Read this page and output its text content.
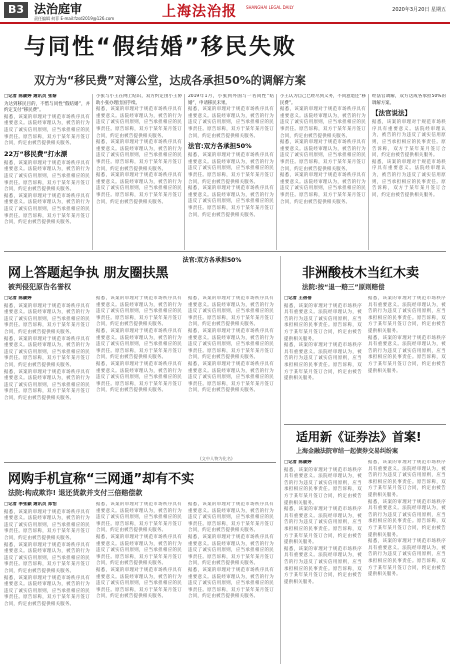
B3 法治庭审
责任编辑 何菲 E-mail:fzsd2019@126.com	上海法治报 SHANGHAI LEGAL DAILY	2020年3月20日 星期五
与同性“假结婚”移民失败
双方为“移民费”对簿公堂，达成各承担50%的调解方案
□记者 陈颖婷 通讯员 张黎
为达到移民目的，不惜与同性“假结婚”，并约定支付“移民费”。
据悉，该案的审理对于规范市场秩序具有重要意义。法院经审理认为，被告的行为违反了诚实信用原则，应当承担相应的民事责任。原告诉称，双方于某年某月签订合同，约定由被告提供相关服务。
22万“移民费”打水漂
据悉，该案的审理对于规范市场秩序具有重要意义。法院经审理认为，被告的行为违反了诚实信用原则，应当承担相应的民事责任。原告诉称，双方于某年某月签订合同，约定由被告提供相关服务。
据悉，该案的审理对于规范市场秩序具有重要意义。法院经审理认为，被告的行为违反了诚实信用原则，应当承担相应的民事责任。原告诉称，双方于某年某月签订合同，约定由被告提供相关服务。
小张与小王在网上结识，双方约定由小王协助小张办理出国手续。
据悉，该案的审理对于规范市场秩序具有重要意义。法院经审理认为，被告的行为违反了诚实信用原则，应当承担相应的民事责任。原告诉称，双方于某年某月签订合同，约定由被告提供相关服务。
据悉，该案的审理对于规范市场秩序具有重要意义。法院经审理认为，被告的行为违反了诚实信用原则，应当承担相应的民事责任。原告诉称，双方于某年某月签订合同，约定由被告提供相关服务。
据悉，该案的审理对于规范市场秩序具有重要意义。法院经审理认为，被告的行为违反了诚实信用原则，应当承担相应的民事责任。原告诉称，双方于某年某月签订合同，约定由被告提供相关服务。
2019年1月，小张到外国与一名同性“结婚”，申请移民未果。
据悉，该案的审理对于规范市场秩序具有重要意义。法院经审理认为，被告的行为违反了诚实信用原则，应当承担相应的民事责任。原告诉称，双方于某年某月签订合同，约定由被告提供相关服务。
法官:双方各承担50%
据悉，该案的审理对于规范市场秩序具有重要意义。法院经审理认为，被告的行为违反了诚实信用原则，应当承担相应的民事责任。原告诉称，双方于某年某月签订合同，约定由被告提供相关服务。
据悉，该案的审理对于规范市场秩序具有重要意义。法院经审理认为，被告的行为违反了诚实信用原则，应当承担相应的民事责任。原告诉称，双方于某年某月签订合同，约定由被告提供相关服务。
小王认为自己已经尽到义务，不同意退还“移民费”。
据悉，该案的审理对于规范市场秩序具有重要意义。法院经审理认为，被告的行为违反了诚实信用原则，应当承担相应的民事责任。原告诉称，双方于某年某月签订合同，约定由被告提供相关服务。
据悉，该案的审理对于规范市场秩序具有重要意义。法院经审理认为，被告的行为违反了诚实信用原则，应当承担相应的民事责任。原告诉称，双方于某年某月签订合同，约定由被告提供相关服务。
据悉，该案的审理对于规范市场秩序具有重要意义。法院经审理认为，被告的行为违反了诚实信用原则，应当承担相应的民事责任。原告诉称，双方于某年某月签订合同，约定由被告提供相关服务。
经法官调解，双方达成各承担50%的调解方案。
【法官说法】
据悉，该案的审理对于规范市场秩序具有重要意义。法院经审理认为，被告的行为违反了诚实信用原则，应当承担相应的民事责任。原告诉称，双方于某年某月签订合同，约定由被告提供相关服务。
据悉，该案的审理对于规范市场秩序具有重要意义。法院经审理认为，被告的行为违反了诚实信用原则，应当承担相应的民事责任。原告诉称，双方于某年某月签订合同，约定由被告提供相关服务。
网上答题起争执 朋友圈扶黑
被判侵犯原告名誉权
□记者 陈颖婷
据悉，该案的审理对于规范市场秩序具有重要意义。法院经审理认为，被告的行为违反了诚实信用原则，应当承担相应的民事责任。原告诉称，双方于某年某月签订合同，约定由被告提供相关服务。
据悉，该案的审理对于规范市场秩序具有重要意义。法院经审理认为，被告的行为违反了诚实信用原则，应当承担相应的民事责任。原告诉称，双方于某年某月签订合同，约定由被告提供相关服务。
据悉，该案的审理对于规范市场秩序具有重要意义。法院经审理认为，被告的行为违反了诚实信用原则，应当承担相应的民事责任。原告诉称，双方于某年某月签订合同，约定由被告提供相关服务。
据悉，该案的审理对于规范市场秩序具有重要意义。法院经审理认为，被告的行为违反了诚实信用原则，应当承担相应的民事责任。原告诉称，双方于某年某月签订合同，约定由被告提供相关服务。
据悉，该案的审理对于规范市场秩序具有重要意义。法院经审理认为，被告的行为违反了诚实信用原则，应当承担相应的民事责任。原告诉称，双方于某年某月签订合同，约定由被告提供相关服务。
据悉，该案的审理对于规范市场秩序具有重要意义。法院经审理认为，被告的行为违反了诚实信用原则，应当承担相应的民事责任。原告诉称，双方于某年某月签订合同，约定由被告提供相关服务。
据悉，该案的审理对于规范市场秩序具有重要意义。法院经审理认为，被告的行为违反了诚实信用原则，应当承担相应的民事责任。原告诉称，双方于某年某月签订合同，约定由被告提供相关服务。
据悉，该案的审理对于规范市场秩序具有重要意义。法院经审理认为，被告的行为违反了诚实信用原则，应当承担相应的民事责任。原告诉称，双方于某年某月签订合同，约定由被告提供相关服务。
据悉，该案的审理对于规范市场秩序具有重要意义。法院经审理认为，被告的行为违反了诚实信用原则，应当承担相应的民事责任。原告诉称，双方于某年某月签订合同，约定由被告提供相关服务。
(文中人物为化名)
法官:双方各承担50%
非洲酸枝木当红木卖
法院:按“退一赔三”原则赔偿
□记者 王蓓蓓
据悉，该案的审理对于规范市场秩序具有重要意义。法院经审理认为，被告的行为违反了诚实信用原则，应当承担相应的民事责任。原告诉称，双方于某年某月签订合同，约定由被告提供相关服务。
据悉，该案的审理对于规范市场秩序具有重要意义。法院经审理认为，被告的行为违反了诚实信用原则，应当承担相应的民事责任。原告诉称，双方于某年某月签订合同，约定由被告提供相关服务。
据悉，该案的审理对于规范市场秩序具有重要意义。法院经审理认为，被告的行为违反了诚实信用原则，应当承担相应的民事责任。原告诉称，双方于某年某月签订合同，约定由被告提供相关服务。
据悉，该案的审理对于规范市场秩序具有重要意义。法院经审理认为，被告的行为违反了诚实信用原则，应当承担相应的民事责任。原告诉称，双方于某年某月签订合同，约定由被告提供相关服务。
适用新《证券法》首案!
上海金融法院审结一起债券交易纠纷案
□记者 陈颖婷
据悉，该案的审理对于规范市场秩序具有重要意义。法院经审理认为，被告的行为违反了诚实信用原则，应当承担相应的民事责任。原告诉称，双方于某年某月签订合同，约定由被告提供相关服务。
据悉，该案的审理对于规范市场秩序具有重要意义。法院经审理认为，被告的行为违反了诚实信用原则，应当承担相应的民事责任。原告诉称，双方于某年某月签订合同，约定由被告提供相关服务。
据悉，该案的审理对于规范市场秩序具有重要意义。法院经审理认为，被告的行为违反了诚实信用原则，应当承担相应的民事责任。原告诉称，双方于某年某月签订合同，约定由被告提供相关服务。
据悉，该案的审理对于规范市场秩序具有重要意义。法院经审理认为，被告的行为违反了诚实信用原则，应当承担相应的民事责任。原告诉称，双方于某年某月签订合同，约定由被告提供相关服务。
据悉，该案的审理对于规范市场秩序具有重要意义。法院经审理认为，被告的行为违反了诚实信用原则，应当承担相应的民事责任。原告诉称，双方于某年某月签订合同，约定由被告提供相关服务。
据悉，该案的审理对于规范市场秩序具有重要意义。法院经审理认为，被告的行为违反了诚实信用原则，应当承担相应的民事责任。原告诉称，双方于某年某月签订合同，约定由被告提供相关服务。
网购手机宣称“三网通”却有不实
法院:构成欺诈! 退还货款并支付三倍赔偿款
□记者 季张颖 通讯员 郑怡
据悉，该案的审理对于规范市场秩序具有重要意义。法院经审理认为，被告的行为违反了诚实信用原则，应当承担相应的民事责任。原告诉称，双方于某年某月签订合同，约定由被告提供相关服务。
据悉，该案的审理对于规范市场秩序具有重要意义。法院经审理认为，被告的行为违反了诚实信用原则，应当承担相应的民事责任。原告诉称，双方于某年某月签订合同，约定由被告提供相关服务。
据悉，该案的审理对于规范市场秩序具有重要意义。法院经审理认为，被告的行为违反了诚实信用原则，应当承担相应的民事责任。原告诉称，双方于某年某月签订合同，约定由被告提供相关服务。
据悉，该案的审理对于规范市场秩序具有重要意义。法院经审理认为，被告的行为违反了诚实信用原则，应当承担相应的民事责任。原告诉称，双方于某年某月签订合同，约定由被告提供相关服务。
据悉，该案的审理对于规范市场秩序具有重要意义。法院经审理认为，被告的行为违反了诚实信用原则，应当承担相应的民事责任。原告诉称，双方于某年某月签订合同，约定由被告提供相关服务。
据悉，该案的审理对于规范市场秩序具有重要意义。法院经审理认为，被告的行为违反了诚实信用原则，应当承担相应的民事责任。原告诉称，双方于某年某月签订合同，约定由被告提供相关服务。
据悉，该案的审理对于规范市场秩序具有重要意义。法院经审理认为，被告的行为违反了诚实信用原则，应当承担相应的民事责任。原告诉称，双方于某年某月签订合同，约定由被告提供相关服务。
据悉，该案的审理对于规范市场秩序具有重要意义。法院经审理认为，被告的行为违反了诚实信用原则，应当承担相应的民事责任。原告诉称，双方于某年某月签订合同，约定由被告提供相关服务。
据悉，该案的审理对于规范市场秩序具有重要意义。法院经审理认为，被告的行为违反了诚实信用原则，应当承担相应的民事责任。原告诉称，双方于某年某月签订合同，约定由被告提供相关服务。
